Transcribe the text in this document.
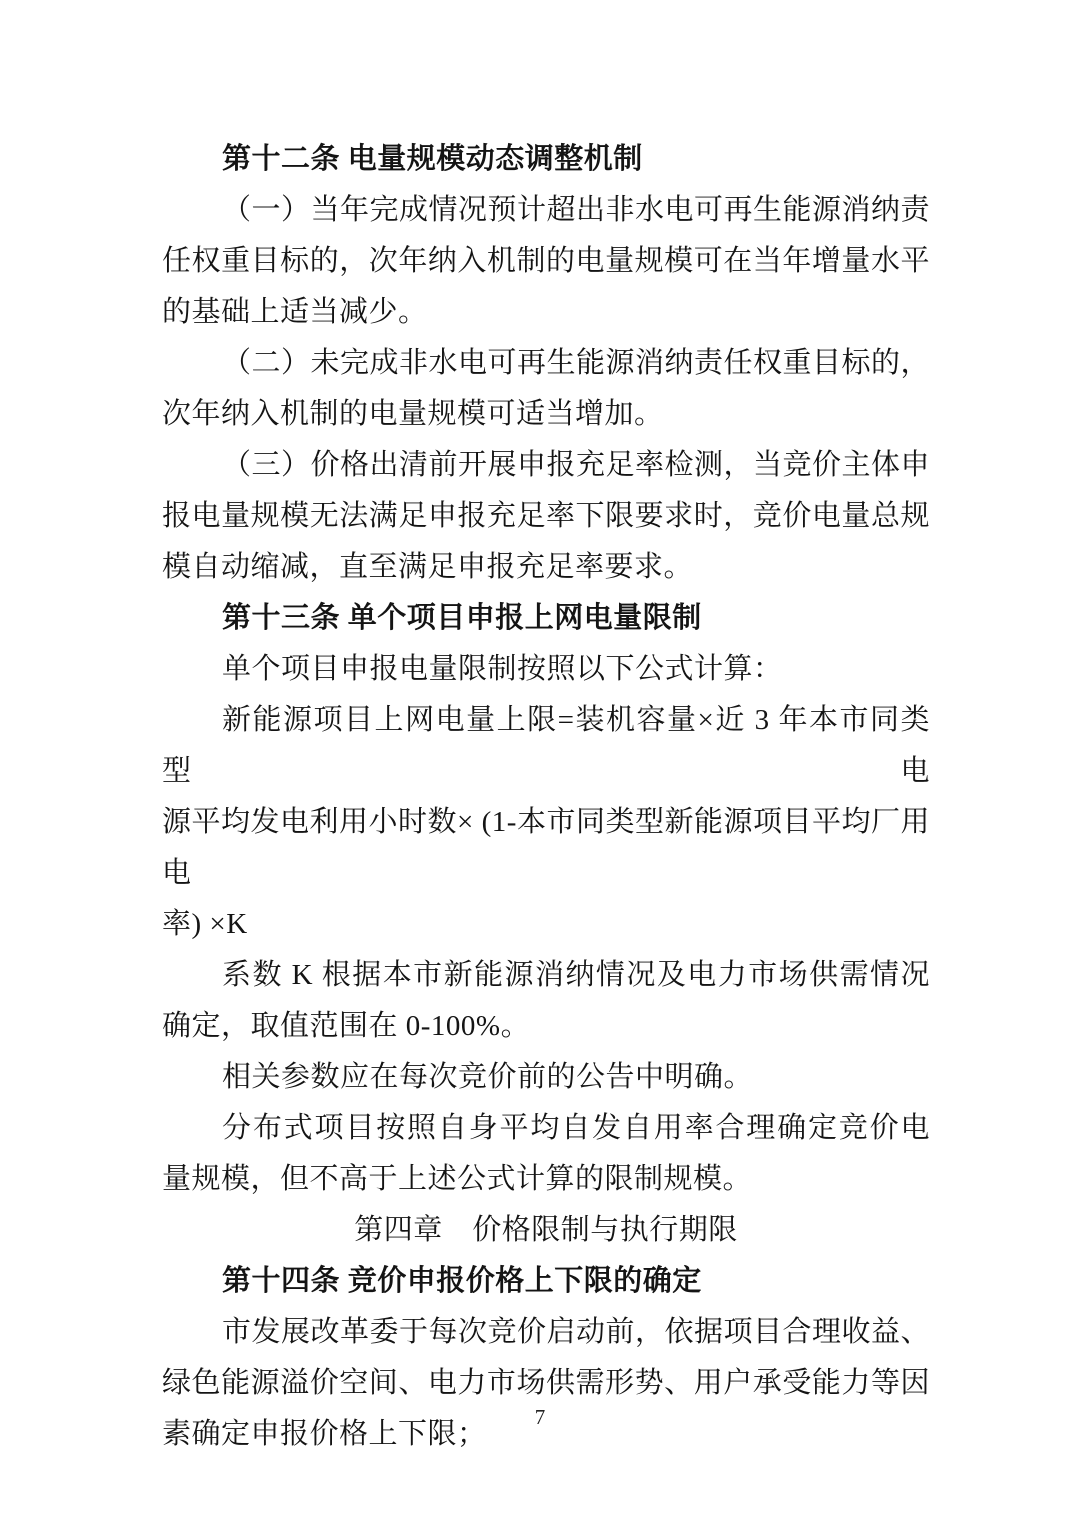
第十二条 电量规模动态调整机制
（一）当年完成情况预计超出非水电可再生能源消纳责
任权重目标的，次年纳入机制的电量规模可在当年增量水平
的基础上适当减少。
（二）未完成非水电可再生能源消纳责任权重目标的，
次年纳入机制的电量规模可适当增加。
（三）价格出清前开展申报充足率检测，当竞价主体申
报电量规模无法满足申报充足率下限要求时，竞价电量总规
模自动缩减，直至满足申报充足率要求。
第十三条 单个项目申报上网电量限制
单个项目申报电量限制按照以下公式计算：
新能源项目上网电量上限=装机容量×近 3 年本市同类型电
源平均发电利用小时数× (1-本市同类型新能源项目平均厂用电
率) ×K
系数 K 根据本市新能源消纳情况及电力市场供需情况
确定，取值范围在 0-100%。
相关参数应在每次竞价前的公告中明确。
分布式项目按照自身平均自发自用率合理确定竞价电
量规模，但不高于上述公式计算的限制规模。
第四章　价格限制与执行期限
第十四条 竞价申报价格上下限的确定
市发展改革委于每次竞价启动前，依据项目合理收益、
绿色能源溢价空间、电力市场供需形势、用户承受能力等因
素确定申报价格上下限；
7
